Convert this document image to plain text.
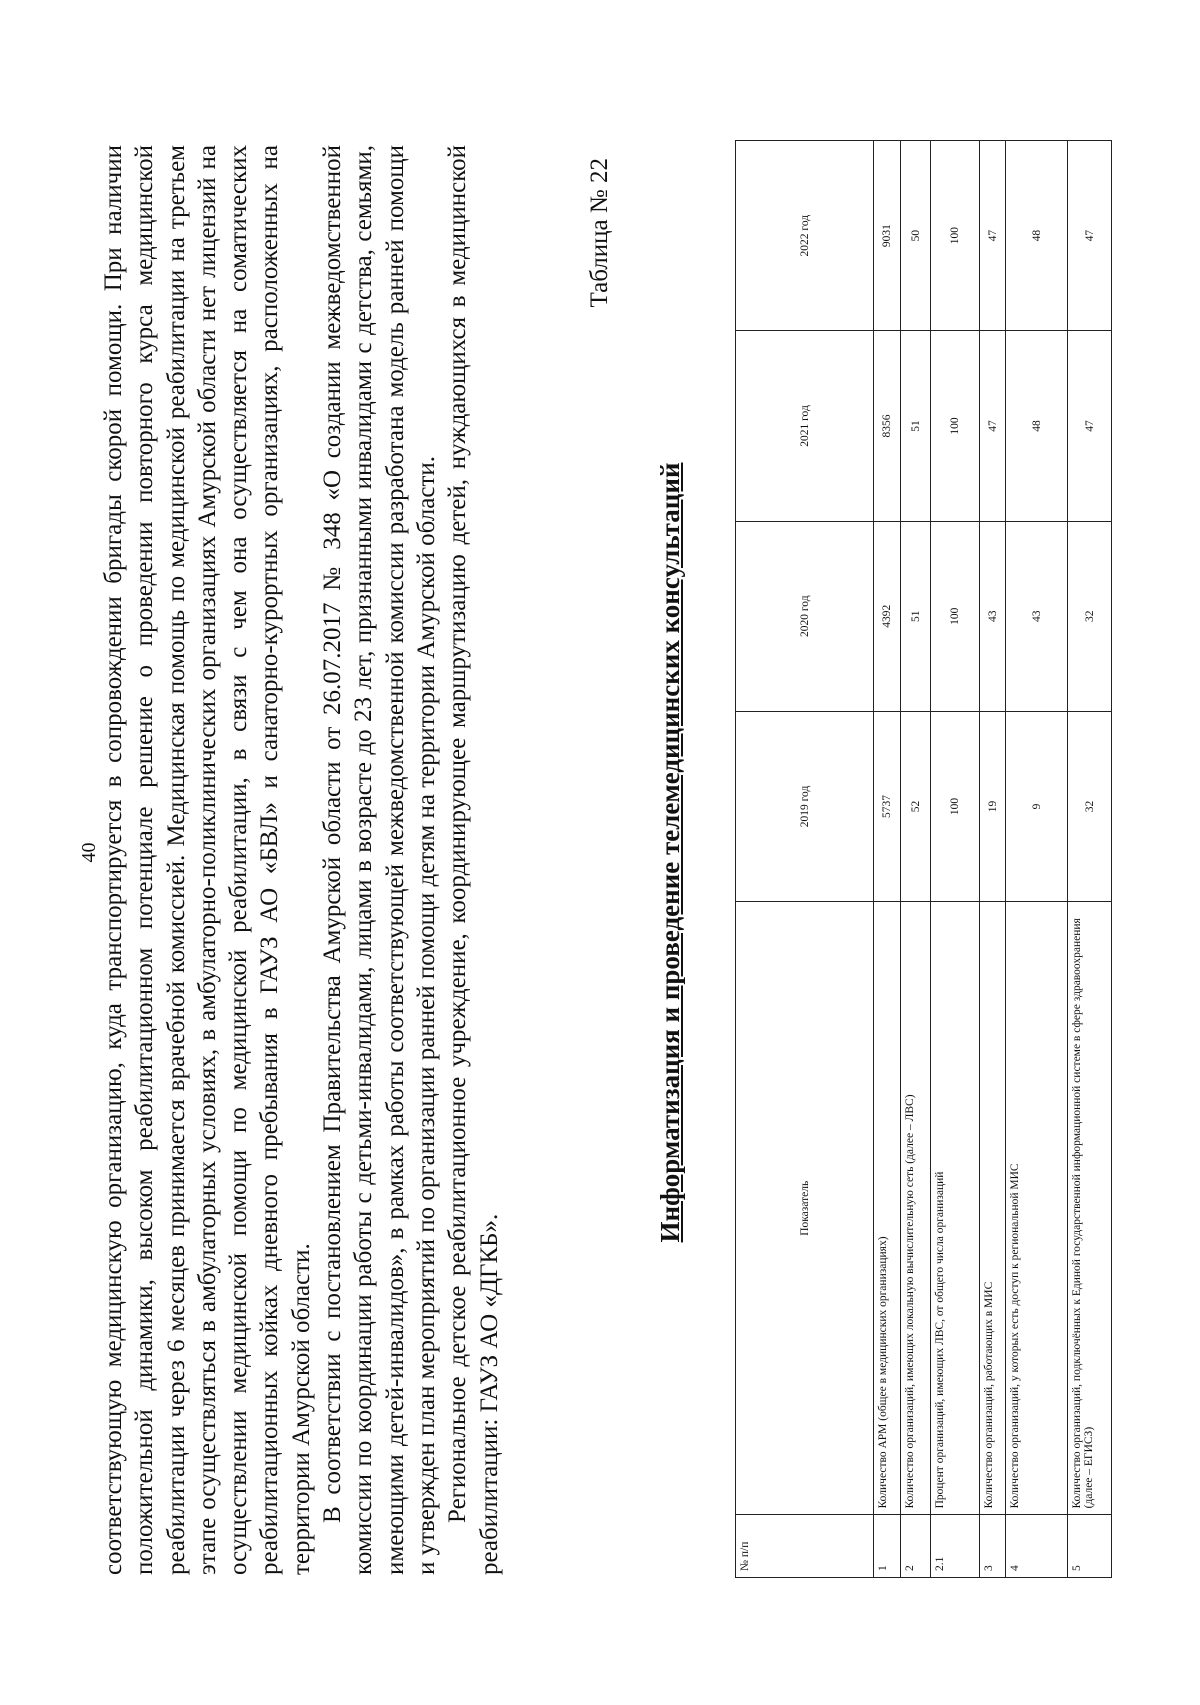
40 соответствующую медицинскую организацию, куда транспортируется в сопровождении бригады скорой помощи. При наличии положительной динамики, высоком реабилитационном потенциале решение о проведении повторного курса медицинской реабилитации через 6 месяцев принимается врачебной комиссией. Медицинская помощь по медицинской реабилитации на третьем этапе осуществляться в амбулаторных условиях, в амбулаторно-поликлинических организациях Амурской области нет лицензий на осуществлении медицинской помощи по медицинской реабилитации, в связи с чем она осуществляется на соматических реабилитационных койках дневного пребывания в ГАУЗ АО «БВЛ» и санаторно-курортных организациях, расположенных на территории Амурской области. В соответствии с постановлением Правительства Амурской области от 26.07.2017 № 348 «О создании межведомственной комиссии по координации работы с детьми-инвалидами, лицами в возрасте до 23 лет, признанными инвалидами с детства, семьями, имеющими детей-инвалидов», в рамках работы соответствующей межведомственной комиссии разработана модель ранней помощи и утвержден план мероприятий по организации ранней помощи детям на территории Амурской области. Региональное детское реабилитационное учреждение, координирующее маршрутизацию детей, нуждающихся в медицинской реабилитации: ГАУЗ АО «ДГКБ».

Таблица № 22
Информатизация и проведение телемедицинских консультаций
№ п/п	Показатель	2019 год	2020 год	2021 год	2022 год
1	Количество АРМ (общее в медицинских организациях)	5737	4392	8356	9031
2	Количество организаций, имеющих локальную вычислительную сеть (далее – ЛВС)	52	51	51	50
2.1	Процент организаций, имеющих ЛВС, от общего числа организаций	100	100	100	100
3	Количество организаций, работающих в МИС	19	43	47	47
4	Количество организаций, у которых есть доступ к региональной МИС	9	43	48	48
5	Количество организаций, подключённых к Единой государственной информационной системе в сфере здравоохранения (далее – ЕГИСЗ)	32	32	47	47
